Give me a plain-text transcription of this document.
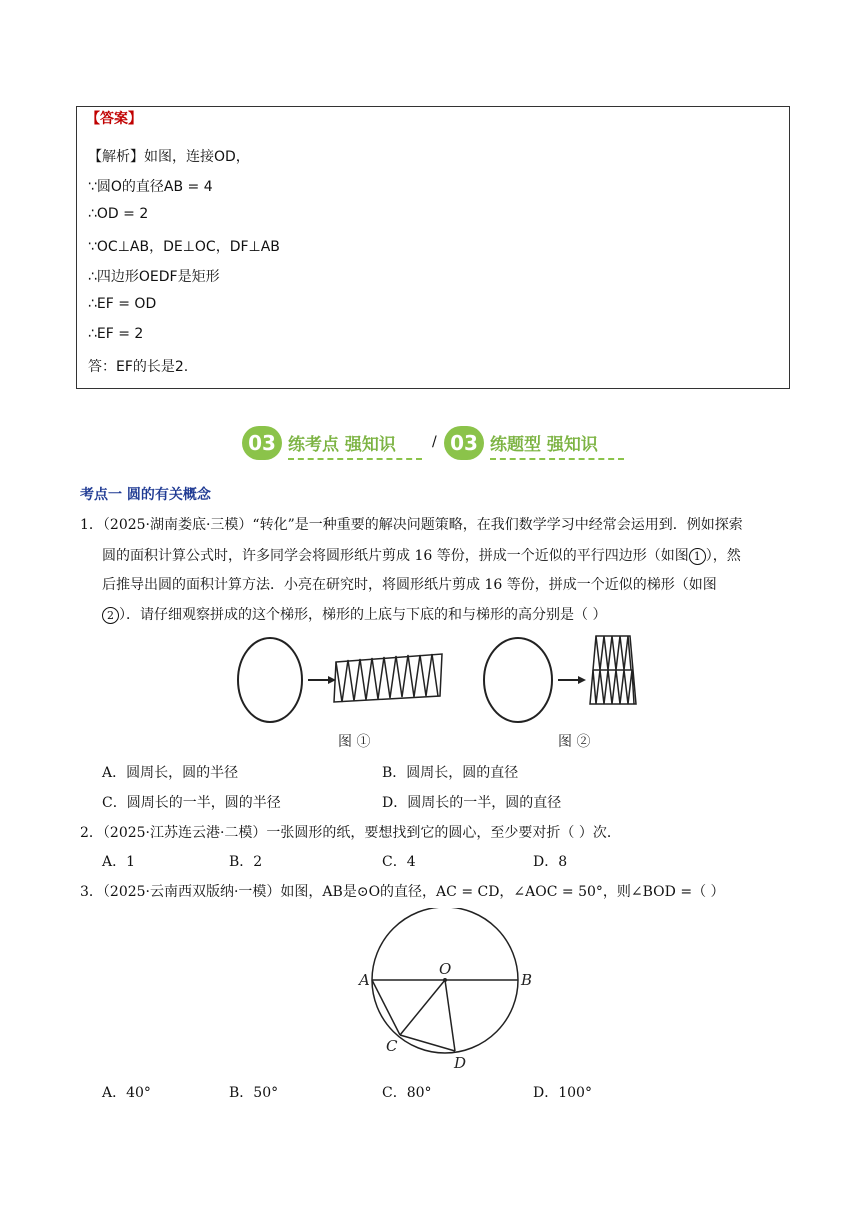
【答案】
【解析】如图，连接OD，
∵圆O的直径AB = 4
∴OD = 2
∵OC⊥AB，DE⊥OC，DF⊥AB
∴四边形OEDF是矩形
∴EF = OD
∴EF = 2
答：EF的长是2.
03 练考点 强知识	/ 03 练题型 强知识
考点一 圆的有关概念
1．（2025·湖南娄底·三模）“转化”是一种重要的解决问题策略，在我们数学学习中经常会运用到．例如探索
圆的面积计算公式时，许多同学会将圆形纸片剪成 16 等份，拼成一个近似的平行四边形（如图 1 ），然
后推导出圆的面积计算方法．小亮在研究时，将圆形纸片剪成 16 等份，拼成一个近似的梯形（如图
2 ）．请仔细观察拼成的这个梯形，梯形的上底与下底的和与梯形的高分别是（ ）
图 ①	图 ②
A．圆周长，圆的半径	B．圆周长，圆的直径
C．圆周长的一半，圆的半径	D．圆周长的一半，圆的直径
2．（2025·江苏连云港·二模）一张圆形的纸，要想找到它的圆心，至少要对折（ ）次．
A．1	B．2	C．4	D．8
3．（2025·云南西双版纳·一模）如图，AB是⊙O的直径，AC = CD，∠AOC = 50°，则∠BOD =（ ）
A	B
O
C
D
A．40°	B．50°	C．80°	D．100°
